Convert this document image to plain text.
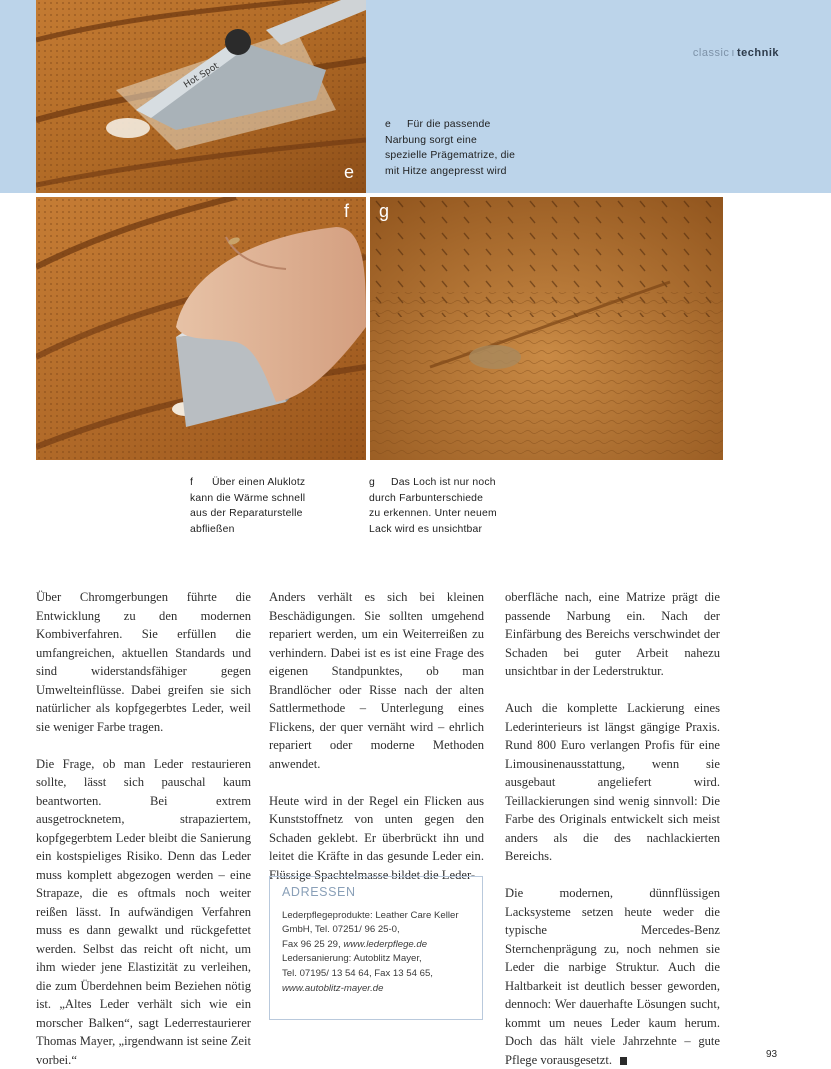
classic ı technik
Hot Spot
e
e Für die passende
Narbung sorgt eine
spezielle Prägematrize, die
mit Hitze angepresst wird
f g
f Über einen Aluklotz
kann die Wärme schnell
aus der Reparaturstelle
abfließen
g Das Loch ist nur noch
durch Farbunterschiede
zu erkennen. Unter neuem
Lack wird es unsichtbar

Über Chromgerbungen führte die Entwicklung zu den modernen Kombiverfahren. Sie erfüllen die umfangreichen, aktuellen Standards und sind widerstandsfähiger gegen Umwelteinflüsse. Dabei greifen sie sich natürlicher als kopfgegerbtes Leder, weil sie weniger Farbe tragen.

Die Frage, ob man Leder restaurieren sollte, lässt sich pauschal kaum beantworten. Bei extrem ausgetrocknetem, strapaziertem, kopfgegerbtem Leder bleibt die Sanierung ein kostspieliges Risiko. Denn das Leder muss komplett abgezogen werden – eine Strapaze, die es oftmals noch weiter reißen lässt. In aufwändigen Verfahren muss es dann gewalkt und rückgefettet werden. Selbst das reicht oft nicht, um ihm wieder jene Elastizität zu verleihen, die zum Überdehnen beim Beziehen nötig ist. „Altes Leder verhält sich wie ein morscher Balken“, sagt Lederrestaurierer Thomas Mayer, „irgendwann ist seine Zeit vorbei.“

Anders verhält es sich bei kleinen Beschädigungen. Sie sollten umgehend repariert werden, um ein Weiterreißen zu verhindern. Dabei ist es ist eine Frage des eigenen Standpunktes, ob man Brandlöcher oder Risse nach der alten Sattlermethode – Unterlegung eines Flickens, der quer vernäht wird – ehrlich repariert oder moderne Methoden anwendet.

Heute wird in der Regel ein Flicken aus Kunststoffnetz von unten gegen den Schaden geklebt. Er überbrückt ihn und leitet die Kräfte in das gesunde Leder ein. Flüssige Spachtelmasse bildet die Leder-

oberfläche nach, eine Matrize prägt die passende Narbung ein. Nach der Einfärbung des Bereichs verschwindet der Schaden bei guter Arbeit nahezu unsichtbar in der Lederstruktur.

Auch die komplette Lackierung eines Lederinterieurs ist längst gängige Praxis. Rund 800 Euro verlangen Profis für eine Limousinenausstattung, wenn sie ausgebaut angeliefert wird. Teillackierungen sind wenig sinnvoll: Die Farbe des Originals entwickelt sich meist anders als die des nachlackierten Bereichs.

Die modernen, dünnflüssigen Lacksysteme setzen heute weder die typische Mercedes-Benz Sternchenprägung zu, noch nehmen sie Leder die narbige Struktur. Auch die Haltbarkeit ist deutlich besser geworden, dennoch: Wer dauerhafte Lösungen sucht, kommt um neues Leder kaum herum. Doch das hält viele Jahrzehnte – gute Pflege vorausgesetzt.

ADRESSEN
Lederpflegeprodukte: Leather Care Keller
GmbH, Tel. 07251/ 96 25-0,
Fax 96 25 29, www.lederpflege.de
Ledersanierung: Autoblitz Mayer,
Tel. 07195/ 13 54 64, Fax 13 54 65,
www.autoblitz-mayer.de
93
